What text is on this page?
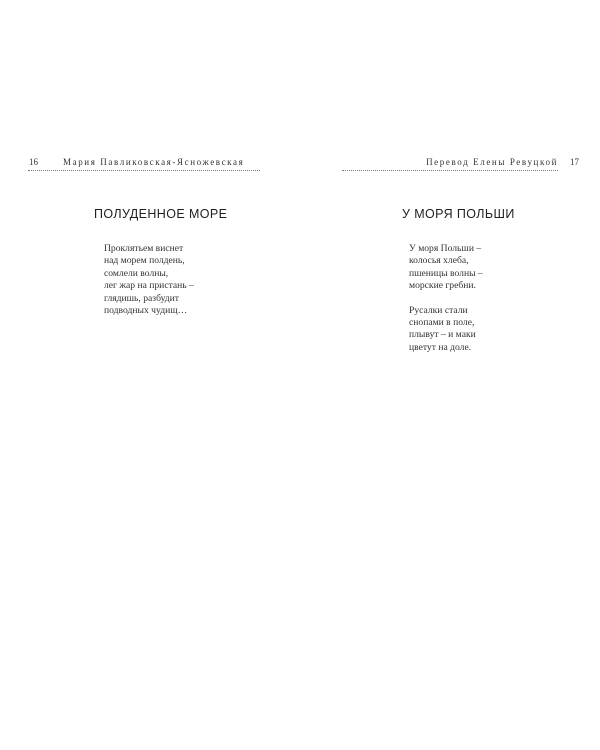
Мария Павликовская-Ясножевская
16
ПОЛУДЕННОЕ МОРЕ
Проклятьем виснет
над морем полдень,
сомлели волны,
лег жар на пристань –
глядишь, разбудит
подводных чудищ…
Перевод Елены Ревуцкой 17
У МОРЯ ПОЛЬШИ
У моря Польши –
колосья хлеба,
пшеницы волны –
морские гребни.
Русалки стали
снопами в поле,
плывут – и маки
цветут на доле.
